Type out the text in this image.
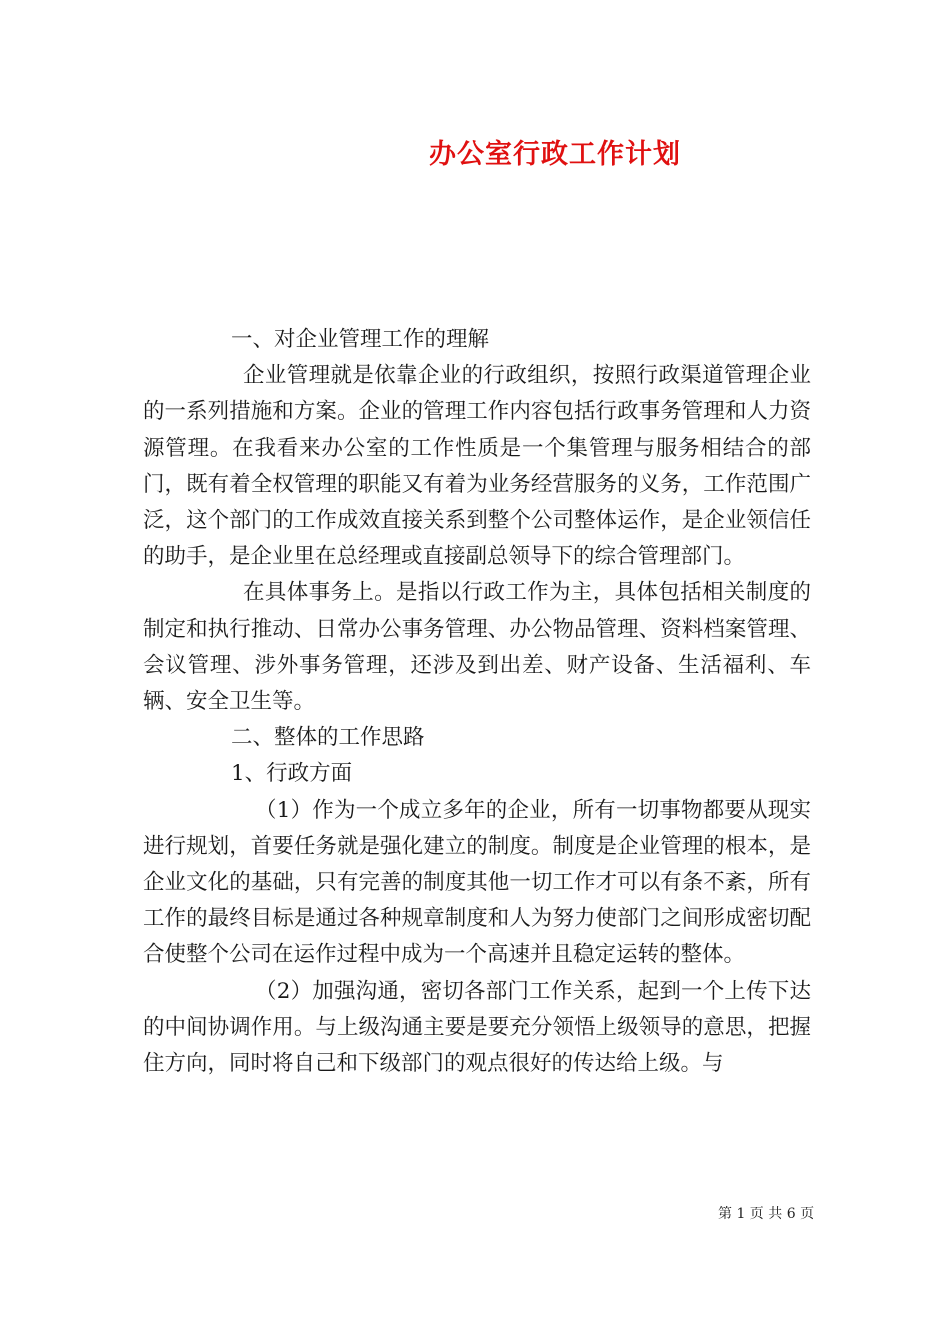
办公室行政工作计划

一、对企业管理工作的理解

企业管理就是依靠企业的行政组织，按照行政渠道管理企业的一系列措施和方案。企业的管理工作内容包括行政事务管理和人力资源管理。在我看来办公室的工作性质是一个集管理与服务相结合的部门，既有着全权管理的职能又有着为业务经营服务的义务，工作范围广泛，这个部门的工作成效直接关系到整个公司整体运作，是企业领信任的助手，是企业里在总经理或直接副总领导下的综合管理部门。

在具体事务上。是指以行政工作为主，具体包括相关制度的制定和执行推动、日常办公事务管理、办公物品管理、资料档案管理、会议管理、涉外事务管理，还涉及到出差、财产设备、生活福利、车辆、安全卫生等。

二、整体的工作思路

1、行政方面

（1）作为一个成立多年的企业，所有一切事物都要从现实进行规划，首要任务就是强化建立的制度。制度是企业管理的根本，是企业文化的基础，只有完善的制度其他一切工作才可以有条不紊，所有工作的最终目标是通过各种规章制度和人为努力使部门之间形成密切配合使整个公司在运作过程中成为一个高速并且稳定运转的整体。

（2）加强沟通，密切各部门工作关系，起到一个上传下达的中间协调作用。与上级沟通主要是要充分领悟上级领导的意思，把握住方向，同时将自己和下级部门的观点很好的传达给上级。与

第 1 页 共 6 页
